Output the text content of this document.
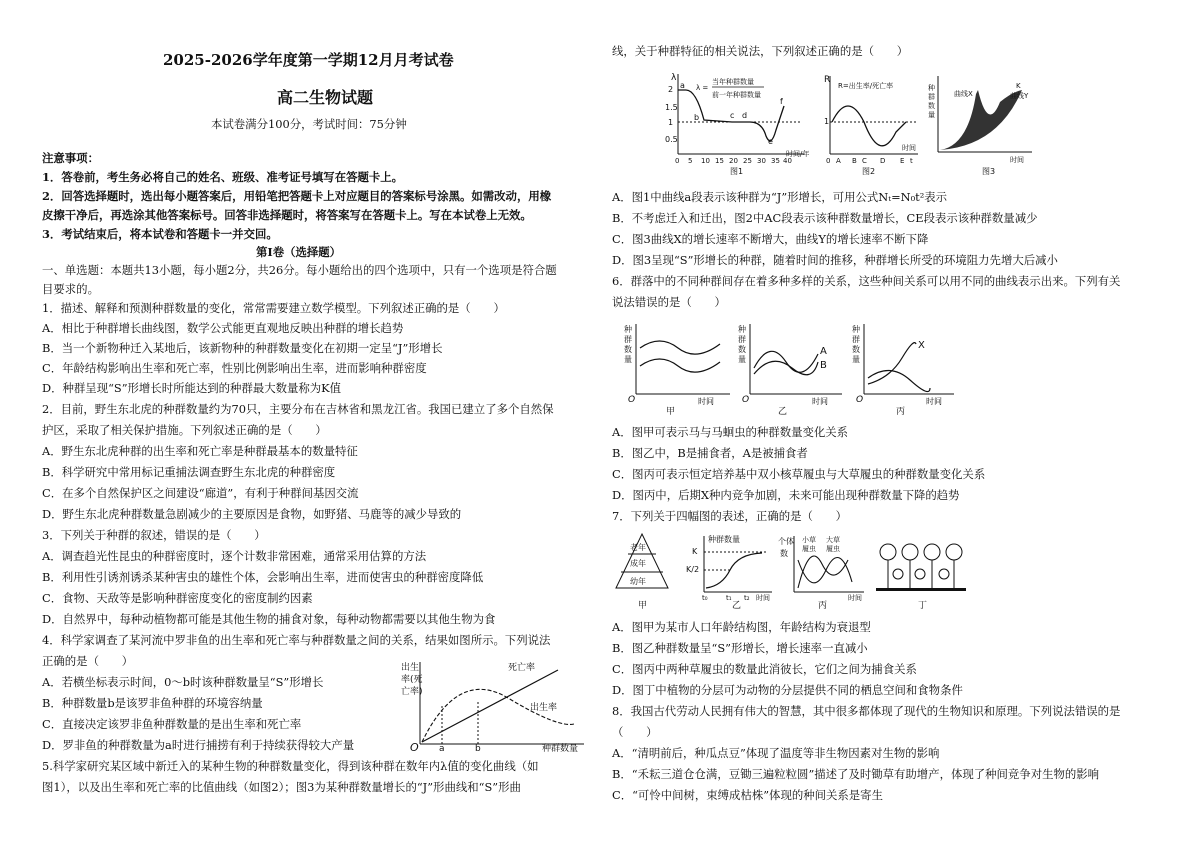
2025-2026学年度第一学期12月月考试卷
高二生物试题
本试卷满分100分，考试时间：75分钟
注意事项：
1．答卷前，考生务必将自己的姓名、班级、准考证号填写在答题卡上。
2．回答选择题时，选出每小题答案后，用铅笔把答题卡上对应题目的答案标号涂黑。如需改动，用橡
皮擦干净后，再选涂其他答案标号。回答非选择题时，将答案写在答题卡上。写在本试卷上无效。
3．考试结束后，将本试卷和答题卡一并交回。
第Ⅰ卷（选择题）
一、单选题：本题共13小题，每小题2分，共26分。每小题给出的四个选项中，只有一个选项是符合题
目要求的。
1．描述、解释和预测种群数量的变化，常常需要建立数学模型。下列叙述正确的是（　　）
A．相比于种群增长曲线图，数学公式能更直观地反映出种群的增长趋势
B．当一个新物种迁入某地后，该新物种的种群数量变化在初期一定呈“J”形增长
C．年龄结构影响出生率和死亡率，性别比例影响出生率，进而影响种群密度
D．种群呈现“S”形增长时所能达到的种群最大数量称为K值
2．目前，野生东北虎的种群数量约为70只，主要分布在吉林省和黑龙江省。我国已建立了多个自然保
护区，采取了相关保护措施。下列叙述正确的是（　　）
A．野生东北虎种群的出生率和死亡率是种群最基本的数量特征
B．科学研究中常用标记重捕法调查野生东北虎的种群密度
C．在多个自然保护区之间建设“廊道”，有利于种群间基因交流
D．野生东北虎种群数量急剧减少的主要原因是食物，如野猪、马鹿等的减少导致的
3．下列关于种群的叙述，错误的是（　　）
A．调查趋光性昆虫的种群密度时，逐个计数非常困难，通常采用估算的方法
B．利用性引诱剂诱杀某种害虫的雄性个体，会影响出生率，进而使害虫的种群密度降低
C．食物、天敌等是影响种群密度变化的密度制约因素
D．自然界中，每种动植物都可能是其他生物的捕食对象，每种动物都需要以其他生物为食
4．科学家调查了某河流中罗非鱼的出生率和死亡率与种群数量之间的关系，结果如图所示。下列说法
正确的是（　　）
A．若横坐标表示时间，0～b时该种群数量呈“S”形增长
B．种群数量b是该罗非鱼种群的环境容纳量
C．直接决定该罗非鱼种群数量的是出生率和死亡率
D．罗非鱼的种群数量为a时进行捕捞有利于持续获得较大产量
出生
率(死
亡率)
死亡率
出生率
O a	b	种群数量
5.科学家研究某区域中新迁入的某种生物的种群数量变化，得到该种群在数年内λ值的变化曲线（如
图1），以及出生率和死亡率的比值曲线（如图2）；图3为某种群数量增长的“J”形曲线和“S”形曲
线，关于种群特征的相关说法，下列叙述正确的是（　　）
λ
2
1.5
1
0.5
a
b	c d
e
f
当年种群数量
前一年种群数量
λ =
0 5 10 15 20 25 30 35 40
时间/年
图1
R
R=出生率/死亡率
1
0 A B C D E t
时间
图2
种
群
数
量
曲线X
K
曲线Y
时间
图3
A．图1中曲线a段表示该种群为“J”形增长，可用公式Nₜ=N₀t²表示
B．不考虑迁入和迁出，图2中AC段表示该种群数量增长，CE段表示该种群数量减少
C．图3曲线X的增长速率不断增大，曲线Y的增长速率不断下降
D．图3呈现“S”形增长的种群，随着时间的推移，种群增长所受的环境阻力先增大后减小
6．群落中的不同种群间存在着多种多样的关系，这些种间关系可以用不同的曲线表示出来。下列有关
说法错误的是（　　）
种
群
数
量
O	时间
甲
种
群
数
量
A
B
O	时间
乙
种
群
数
量
X
O	时间
丙
A．图甲可表示马与马蛔虫的种群数量变化关系
B．图乙中，B是捕食者，A是被捕食者
C．图丙可表示恒定培养基中双小核草履虫与大草履虫的种群数量变化关系
D．图丙中，后期X种内竞争加剧，未来可能出现种群数量下降的趋势
7．下列关于四幅图的表述，正确的是（　　）
老年
成年
幼年
甲
种群数量
K
K/2
t₀	t₁ t₂ 时间
乙
个体
数
小草 大草
履虫 履虫
时间
丙	丁
A．图甲为某市人口年龄结构图，年龄结构为衰退型
B．图乙种群数量呈“S”形增长，增长速率一直减小
C．图丙中两种草履虫的数量此消彼长，它们之间为捕食关系
D．图丁中植物的分层可为动物的分层提供不同的栖息空间和食物条件
8．我国古代劳动人民拥有伟大的智慧，其中很多都体现了现代的生物知识和原理。下列说法错误的是
（　　）
A．“清明前后，种瓜点豆”体现了温度等非生物因素对生物的影响
B．“禾耘三道仓仓满，豆锄三遍粒粒圆”描述了及时锄草有助增产，体现了种间竞争对生物的影响
C．“可怜中间树，束缚成枯株”体现的种间关系是寄生
